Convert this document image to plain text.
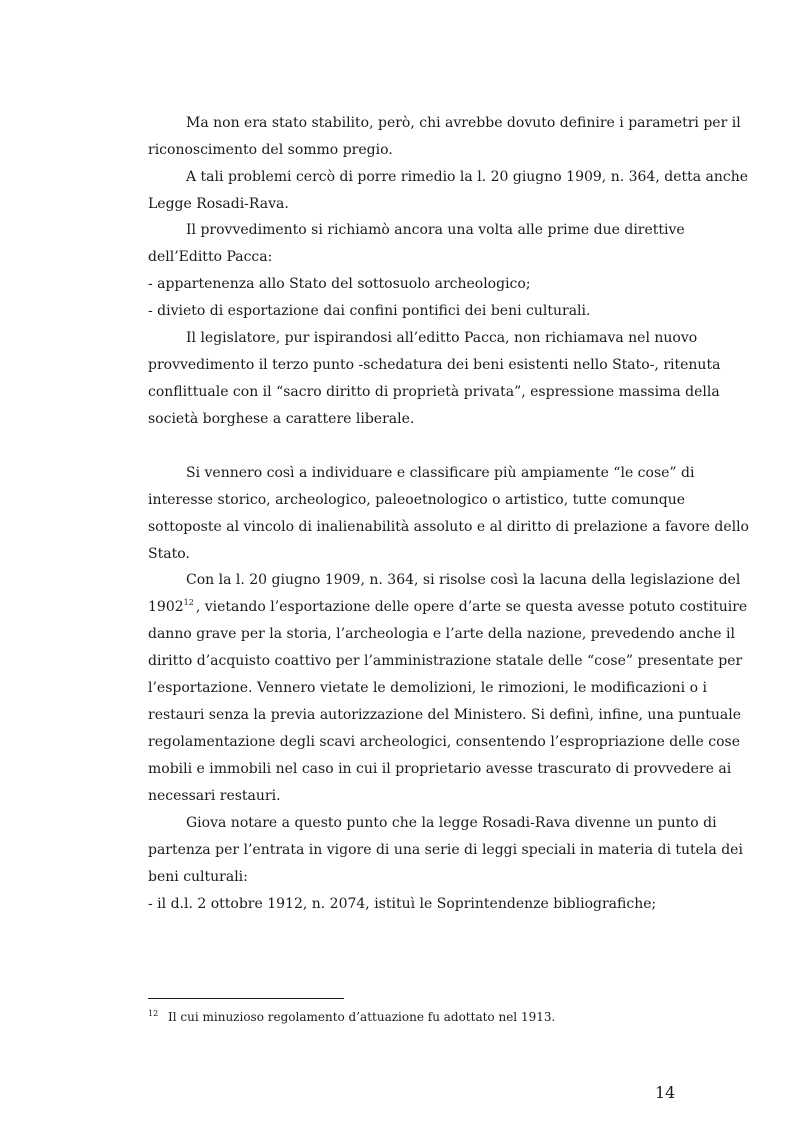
Ma non era stato stabilito, però, chi avrebbe dovuto definire i parametri per il
riconoscimento del sommo pregio.
A tali problemi cercò di porre rimedio la l. 20 giugno 1909, n. 364, detta anche
Legge Rosadi-Rava.
Il provvedimento si richiamò ancora una volta alle prime due direttive
dell’Editto Pacca:
- appartenenza allo Stato del sottosuolo archeologico;
- divieto di esportazione dai confini pontifici dei beni culturali.
Il legislatore, pur ispirandosi all’editto Pacca, non richiamava nel nuovo
provvedimento il terzo punto -schedatura dei beni esistenti nello Stato-, ritenuta
conflittuale con il “sacro diritto di proprietà privata”, espressione massima della
società borghese a carattere liberale.
Si vennero così a individuare e classificare più ampiamente “le cose” di
interesse storico, archeologico, paleoetnologico o artistico, tutte comunque
sottoposte al vincolo di inalienabilità assoluto e al diritto di prelazione a favore dello
Stato.
Con la l. 20 giugno 1909, n. 364, si risolse così la lacuna della legislazione del
1902$^{12}$ , vietando l’esportazione delle opere d’arte se questa avesse potuto costituire
danno grave per la storia, l’archeologia e l’arte della nazione, prevedendo anche il
diritto d’acquisto coattivo per l’amministrazione statale delle “cose” presentate per
l’esportazione. Vennero vietate le demolizioni, le rimozioni, le modificazioni o i
restauri senza la previa autorizzazione del Ministero. Si definì, infine, una puntuale
regolamentazione degli scavi archeologici, consentendo l’espropriazione delle cose
mobili e immobili nel caso in cui il proprietario avesse trascurato di provvedere ai
necessari restauri.
Giova notare a questo punto che la legge Rosadi-Rava divenne un punto di
partenza per l’entrata in vigore di una serie di leggi speciali in materia di tutela dei
beni culturali:
- il d.l. 2 ottobre 1912, n. 2074, istituì le Soprintendenze bibliografiche;
12 Il cui minuzioso regolamento d’attuazione fu adottato nel 1913.
14
